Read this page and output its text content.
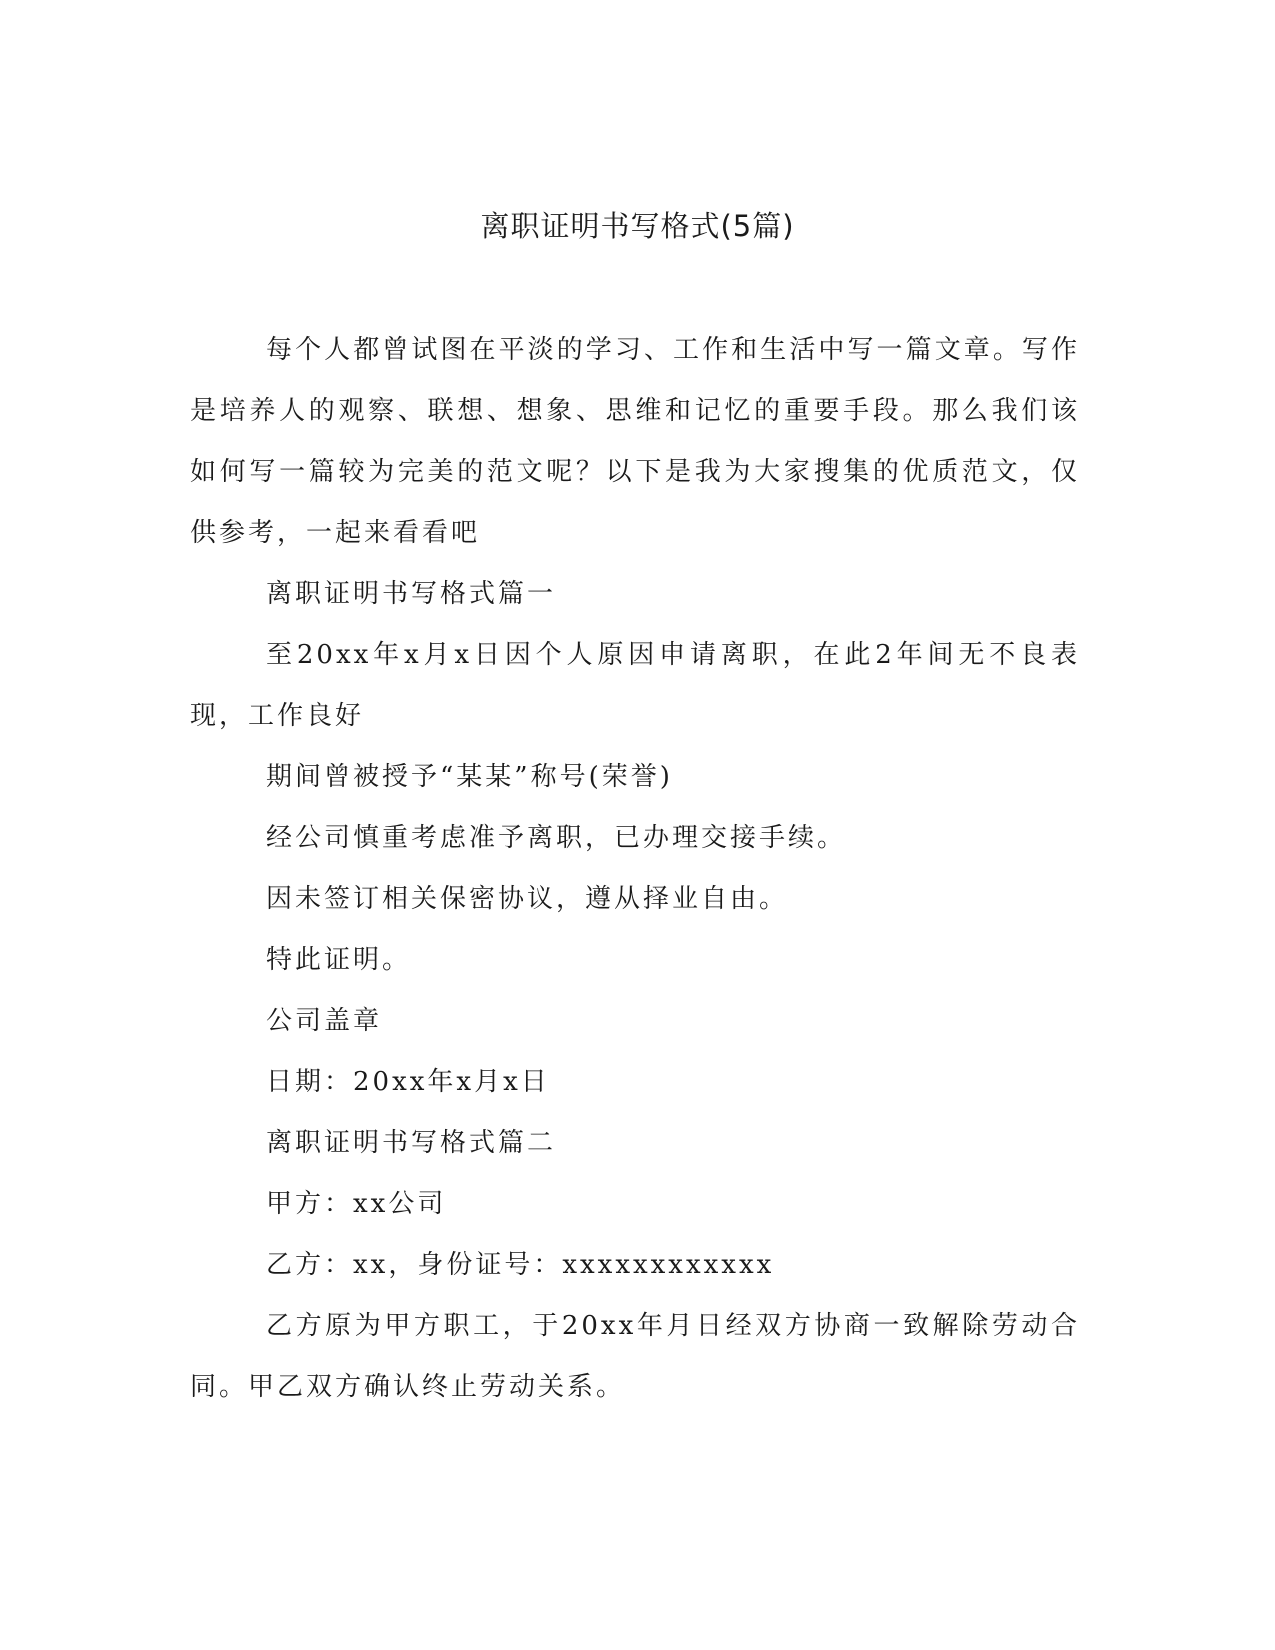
离职证明书写格式(5篇)

每个人都曾试图在平淡的学习、工作和生活中写一篇文章。写作是培养人的观察、联想、想象、思维和记忆的重要手段。那么我们该如何写一篇较为完美的范文呢？以下是我为大家搜集的优质范文，仅供参考，一起来看看吧

离职证明书写格式篇一

至20xx年x月x日因个人原因申请离职，在此2年间无不良表现，工作良好

期间曾被授予“某某”称号(荣誉)

经公司慎重考虑准予离职，已办理交接手续。

因未签订相关保密协议，遵从择业自由。

特此证明。

公司盖章

日期：20xx年x月x日

离职证明书写格式篇二

甲方：xx公司

乙方：xx，身份证号：xxxxxxxxxxxx

乙方原为甲方职工，于20xx年月日经双方协商一致解除劳动合同。甲乙双方确认终止劳动关系。
